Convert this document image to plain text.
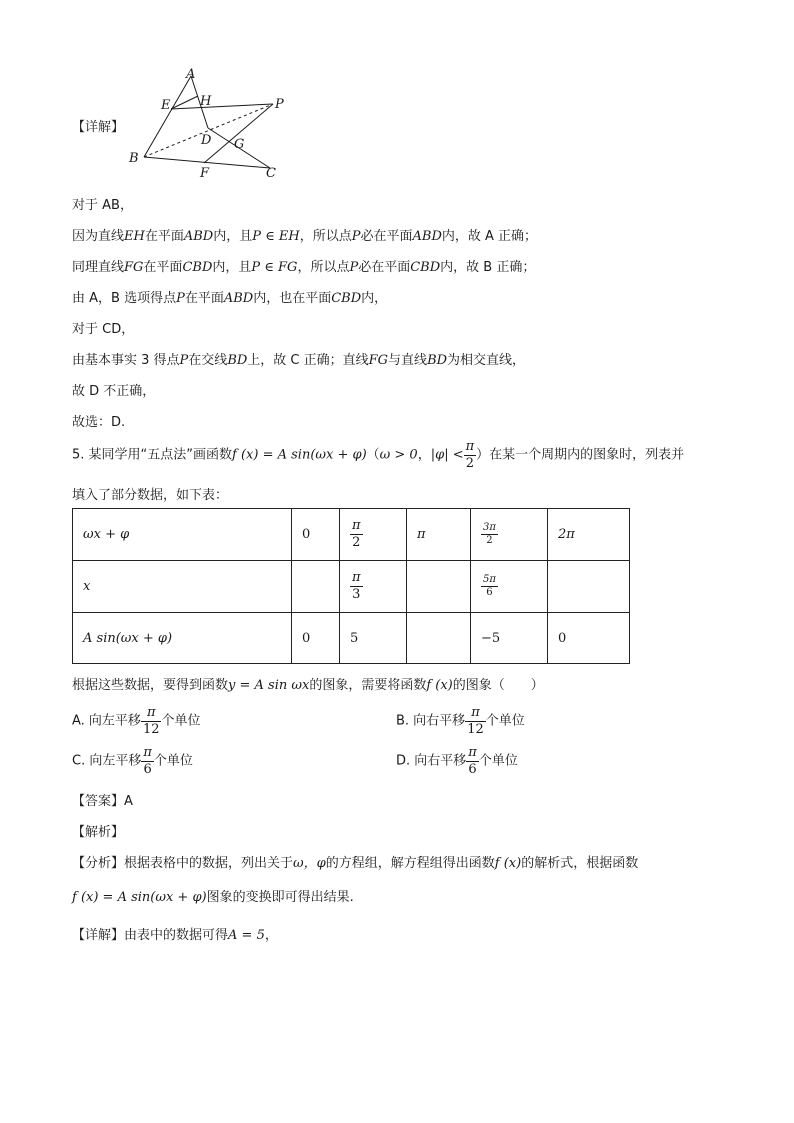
A
E H	P
D G
B
F	C
【详解】
对于 AB，
因为直线EH在平面ABD内，且P ∈ EH，所以点P必在平面ABD内，故 A 正确；
同理直线FG在平面CBD内，且P ∈ FG，所以点P必在平面CBD内，故 B 正确；
由 A，B 选项得点P在平面ABD内，也在平面CBD内，
对于 CD，
由基本事实 3 得点P在交线BD上，故 C 正确；直线FG与直线BD为相交直线，
故 D 不正确，
故选：D.
5. 某同学用“五点法”画函数f (x) = A sin(ωx + φ)（ω > 0，$|\varphi| < \frac{\pi}{2}$ ）在某一个周期内的图象时，列表并
填入了部分数据，如下表：
ωx + φ	0	$\frac{\pi}{2}$	π	$\frac{3\pi}{2}$	2π
x		$\frac{\pi}{3}$		$\frac{5\pi}{6}$

A sin(ωx + φ)	0	5		−5	0
根据这些数据，要得到函数y = A sin ωx的图象，需要将函数f (x)的图象（　　）
A. 向左平移 $\frac{\pi}{12}$ 个单位	B. 向右平移 $\frac{\pi}{12}$ 个单位
C. 向左平移 $\frac{\pi}{6}$ 个单位	D. 向右平移 $\frac{\pi}{6}$ 个单位
【答案】A
【解析】
【分析】根据表格中的数据，列出关于ω，φ的方程组，解方程组得出函数f (x)的解析式，根据函数
f (x) = A sin(ωx + φ)图象的变换即可得出结果.
【详解】由表中的数据可得A = 5，
